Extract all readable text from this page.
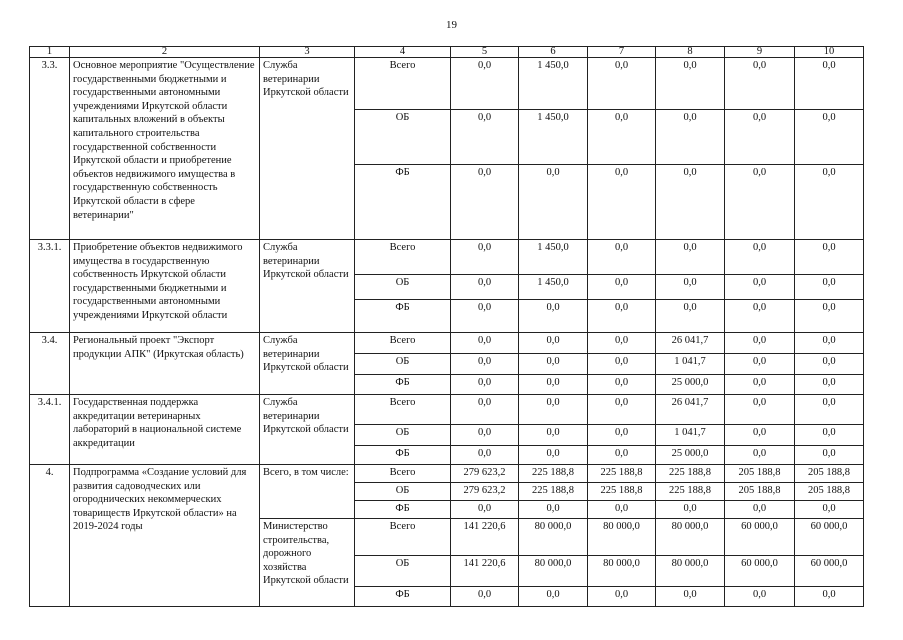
19
1	2	3	4	5	6	7	8	9	10
3.3.	Основное мероприятие "Осуществление государственными бюджетными и государственными автономными учреждениями Иркутской области капитальных вложений в объекты капитального строительства государственной собственности Иркутской области и приобретение объектов недвижимого имущества в государственную собственность Иркутской области в сфере ветеринарии"	Служба ветеринарии Иркутской области	Всего	0,0	1 450,0	0,0	0,0	0,0	0,0
			ОБ	0,0	1 450,0	0,0	0,0	0,0	0,0
			ФБ	0,0	0,0	0,0	0,0	0,0	0,0
3.3.1.	Приобретение объектов недвижимого имущества в государственную собственность Иркутской области государственными бюджетными и государственными автономными учреждениями Иркутской области	Служба ветеринарии Иркутской области	Всего	0,0	1 450,0	0,0	0,0	0,0	0,0
			ОБ	0,0	1 450,0	0,0	0,0	0,0	0,0
			ФБ	0,0	0,0	0,0	0,0	0,0	0,0
3.4.	Региональный проект "Экспорт продукции АПК" (Иркутская область)	Служба ветеринарии Иркутской области	Всего	0,0	0,0	0,0	26 041,7	0,0	0,0
			ОБ	0,0	0,0	0,0	1 041,7	0,0	0,0
			ФБ	0,0	0,0	0,0	25 000,0	0,0	0,0
3.4.1.	Государственная поддержка аккредитации ветеринарных лабораторий в национальной системе аккредитации	Служба ветеринарии Иркутской области	Всего	0,0	0,0	0,0	26 041,7	0,0	0,0
			ОБ	0,0	0,0	0,0	1 041,7	0,0	0,0
			ФБ	0,0	0,0	0,0	25 000,0	0,0	0,0
4.	Подпрограмма «Создание условий для развития садоводческих или огороднических некоммерческих товариществ Иркутской области» на 2019-2024 годы	Всего, в том числе:	Всего	279 623,2	225 188,8	225 188,8	225 188,8	205 188,8	205 188,8
			ОБ	279 623,2	225 188,8	225 188,8	225 188,8	205 188,8	205 188,8
			ФБ	0,0	0,0	0,0	0,0	0,0	0,0
		Министерство строительства, дорожного хозяйства Иркутской области	Всего	141 220,6	80 000,0	80 000,0	80 000,0	60 000,0	60 000,0
			ОБ	141 220,6	80 000,0	80 000,0	80 000,0	60 000,0	60 000,0
			ФБ	0,0	0,0	0,0	0,0	0,0	0,0
